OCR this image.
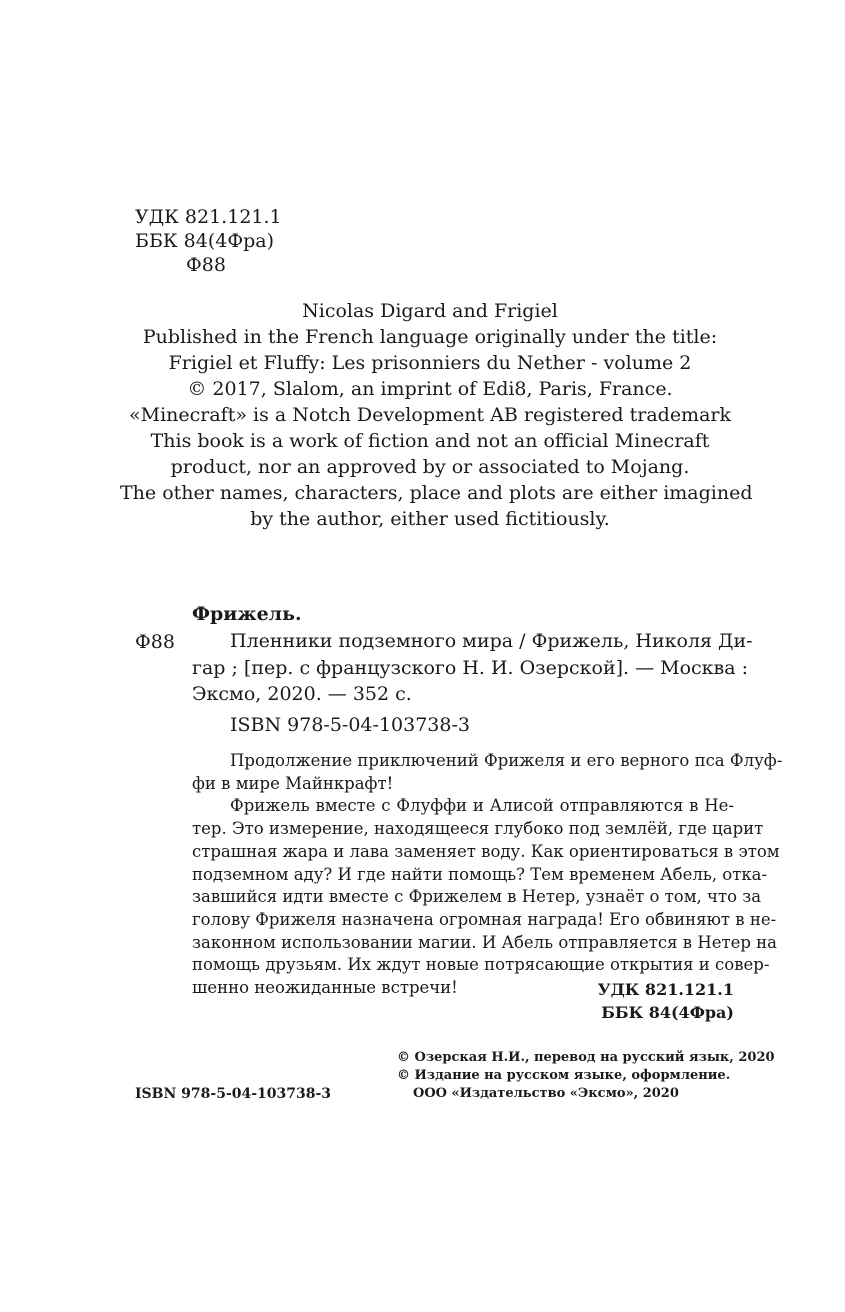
УДК 821.121.1
ББК 84(4Фра)
Ф88
Nicolas Digard and Frigiel
Published in the French language originally under the title:
Frigiel et Fluffy: Les prisonniers du Nether - volume 2
© 2017, Slalom, an imprint of Edi8, Paris, France.
«Minecraft» is a Notch Development AB registered trademark
This book is a work of fiction and not an official Minecraft
product, nor an approved by or associated to Mojang.
The other names, characters, place and plots are either imagined
by the author, either used fictitiously.
Фрижель.
Ф88	Пленники подземного мира / Фрижель, Николя Ди-
гар ; [пер. с французского Н. И. Озерской]. — Москва :
Эксмо, 2020. — 352 с.
ISBN 978-5-04-103738-3
Продолжение приключений Фрижеля и его верного пса Флуф-
фи в мире Майнкрафт!
Фрижель вместе с Флуффи и Алисой отправляются в Не-
тер. Это измерение, находящееся глубоко под землёй, где царит
страшная жара и лава заменяет воду. Как ориентироваться в этом
подземном аду? И где найти помощь? Тем временем Абель, отка-
завшийся идти вместе с Фрижелем в Нетер, узнаёт о том, что за
голову Фрижеля назначена огромная награда! Его обвиняют в не-
законном использовании магии. И Абель отправляется в Нетер на
помощь друзьям. Их ждут новые потрясающие открытия и совер-
шенно неожиданные встречи!	УДК 821.121.1
ББК 84(4Фра)
ISBN 978-5-04-103738-3
© Озерская Н.И., перевод на русский язык, 2020
© Издание на русском языке, оформление.
ООО «Издательство «Эксмо», 2020
